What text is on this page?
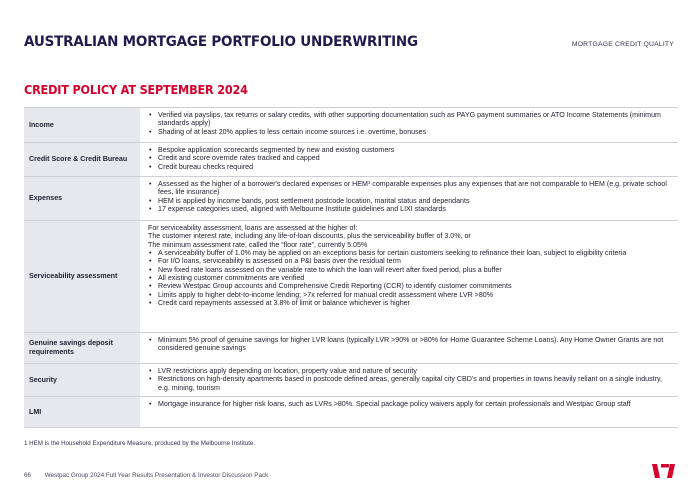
AUSTRALIAN MORTGAGE PORTFOLIO UNDERWRITING	MORTGAGE CREDIT QUALITY
CREDIT POLICY AT SEPTEMBER 2024
Income
• Verified via payslips, tax returns or salary credits, with other supporting documentation such as PAYG payment summaries or ATO Income Statements (minimum standards apply)
• Shading of at least 20% applies to less certain income sources i.e. overtime, bonuses
Credit Score & Credit Bureau
• Bespoke application scorecards segmented by new and existing customers
• Credit and score override rates tracked and capped
• Credit bureau checks required
Expenses
• Assessed as the higher of a borrower's declared expenses or HEM¹ comparable expenses plus any expenses that are not comparable to HEM (e.g. private school fees, life insurance)
• HEM is applied by income bands, post settlement postcode location, marital status and dependants
• 17 expense categories used, aligned with Melbourne Institute guidelines and LIXI standards
Serviceability assessment

For serviceability assessment, loans are assessed at the higher of:

The customer interest rate, including any life-of-loan discounts, plus the serviceability buffer of 3.0%, or

The minimum assessment rate, called the “floor rate”, currently 5.05%

• A serviceability buffer of 1.0% may be applied on an exceptions basis for certain customers seeking to refinance their loan, subject to eligibility criteria
• For I/O loans, serviceability is assessed on a P&I basis over the residual term
• New fixed rate loans assessed on the variable rate to which the loan will revert after fixed period, plus a buffer
• All existing customer commitments are verified
• Review Westpac Group accounts and Comprehensive Credit Reporting (CCR) to identify customer commitments
• Limits apply to higher debt-to-income lending; >7x referred for manual credit assessment where LVR >80%
• Credit card repayments assessed at 3.8% of limit or balance whichever is higher
Genuine savings deposit requirements
• Minimum 5% proof of genuine savings for higher LVR loans (typically LVR >90% or >80% for Home Guarantee Scheme Loans). Any Home Owner Grants are not considered genuine savings
Security
• LVR restrictions apply depending on location, property value and nature of security
• Restrictions on high-density apartments based in postcode defined areas, generally capital city CBD's and properties in towns heavily reliant on a single industry, e.g. mining, tourism
LMI
• Mortgage insurance for higher risk loans, such as LVRs >80%. Special package policy waivers apply for certain professionals and Westpac Group staff
1 HEM is the Household Expenditure Measure, produced by the Melbourne Institute.
66 Westpac Group 2024 Full Year Results Presentation & Investor Discussion Pack
